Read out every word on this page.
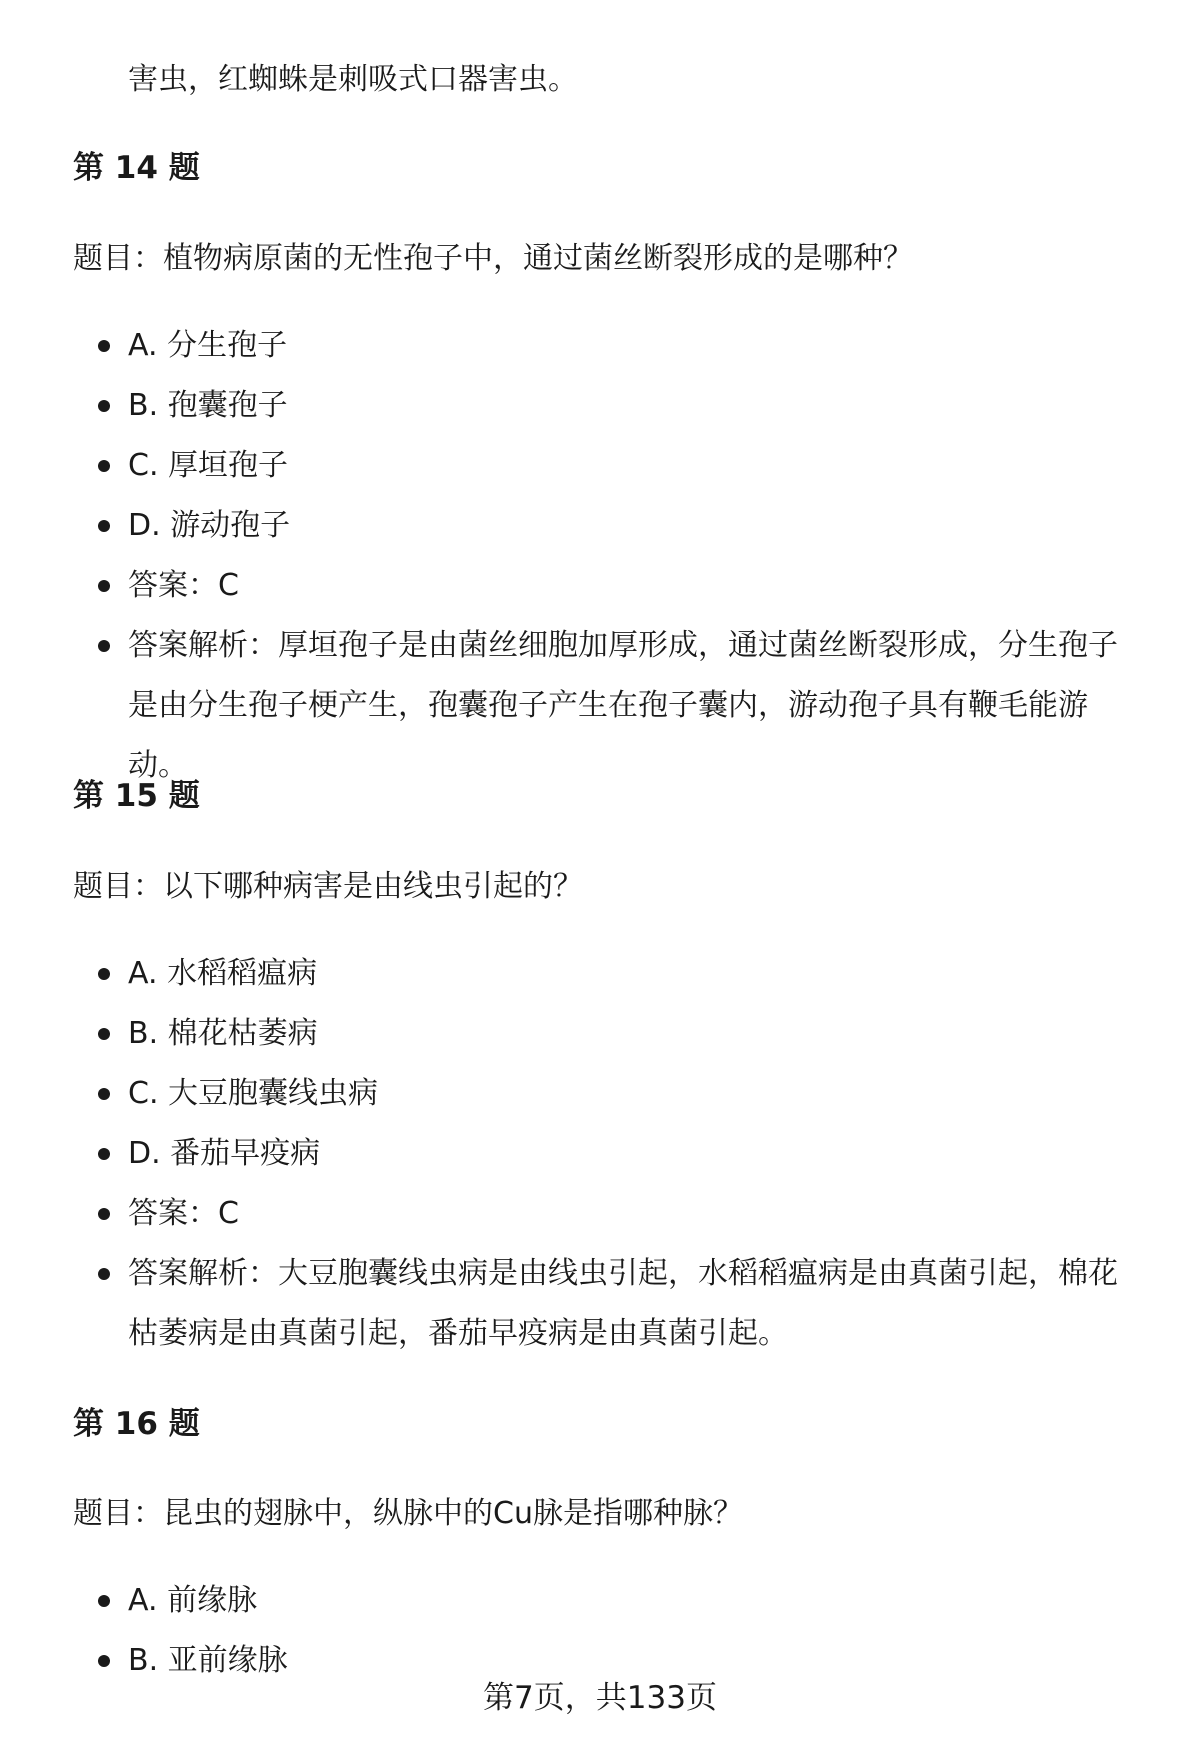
害虫，红蜘蛛是刺吸式口器害虫。

第 14 题

题目：植物病原菌的无性孢子中，通过菌丝断裂形成的是哪种？

A. 分生孢子
B. 孢囊孢子
C. 厚垣孢子
D. 游动孢子
答案：C
答案解析：厚垣孢子是由菌丝细胞加厚形成，通过菌丝断裂形成，分生孢子是由分生孢子梗产生，孢囊孢子产生在孢子囊内，游动孢子具有鞭毛能游动。

第 15 题

题目：以下哪种病害是由线虫引起的？

A. 水稻稻瘟病
B. 棉花枯萎病
C. 大豆胞囊线虫病
D. 番茄早疫病
答案：C
答案解析：大豆胞囊线虫病是由线虫引起，水稻稻瘟病是由真菌引起，棉花枯萎病是由真菌引起，番茄早疫病是由真菌引起。

第 16 题

题目：昆虫的翅脉中，纵脉中的Cu脉是指哪种脉？

A. 前缘脉
B. 亚前缘脉

第7页，共133页
